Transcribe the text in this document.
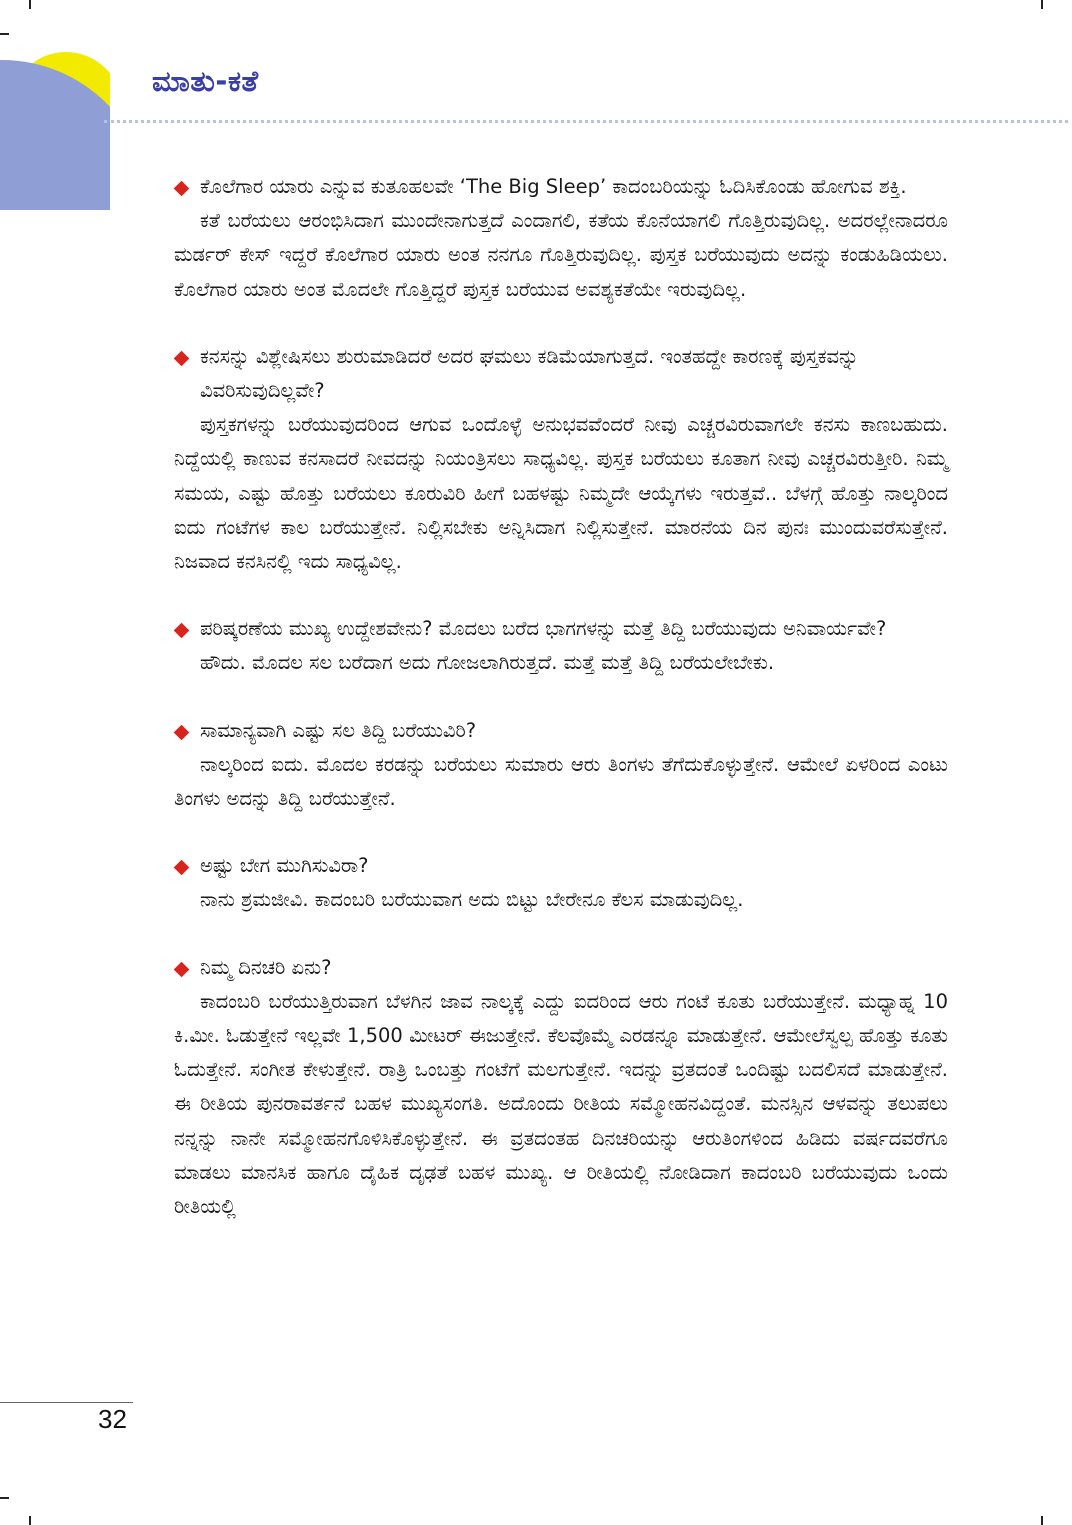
ಮಾತು-ಕತೆ
ಕೊಲೆಗಾರ ಯಾರು ಎನ್ನುವ ಕುತೂಹಲವೇ ‘The Big Sleep’ ಕಾದಂಬರಿಯನ್ನು ಓದಿಸಿಕೊಂಡು ಹೋಗುವ ಶಕ್ತಿ.
ಕತೆ ಬರೆಯಲು ಆರಂಭಿಸಿದಾಗ ಮುಂದೇನಾಗುತ್ತದೆ ಎಂದಾಗಲಿ, ಕತೆಯ ಕೊನೆಯಾಗಲಿ ಗೊತ್ತಿರುವುದಿಲ್ಲ. ಅದರಲ್ಲೇನಾದರೂ ಮರ್ಡರ್ ಕೇಸ್ ಇದ್ದರೆ ಕೊಲೆಗಾರ ಯಾರು ಅಂತ ನನಗೂ ಗೊತ್ತಿರುವುದಿಲ್ಲ. ಪುಸ್ತಕ ಬರೆಯುವುದು ಅದನ್ನು ಕಂಡುಹಿಡಿಯಲು. ಕೊಲೆಗಾರ ಯಾರು ಅಂತ ಮೊದಲೇ ಗೊತ್ತಿದ್ದರೆ ಪುಸ್ತಕ ಬರೆಯುವ ಅವಶ್ಯಕತೆಯೇ ಇರುವುದಿಲ್ಲ.
ಕನಸನ್ನು ವಿಶ್ಲೇಷಿಸಲು ಶುರುಮಾಡಿದರೆ ಅದರ ಘಮಲು ಕಡಿಮೆಯಾಗುತ್ತದೆ. ಇಂತಹದ್ದೇ ಕಾರಣಕ್ಕೆ ಪುಸ್ತಕವನ್ನು ವಿವರಿಸುವುದಿಲ್ಲವೇ?
ಪುಸ್ತಕಗಳನ್ನು ಬರೆಯುವುದರಿಂದ ಆಗುವ ಒಂದೊಳ್ಳೆ ಅನುಭವವೆಂದರೆ ನೀವು ಎಚ್ಚರವಿರುವಾಗಲೇ ಕನಸು ಕಾಣಬಹುದು. ನಿದ್ದೆಯಲ್ಲಿ ಕಾಣುವ ಕನಸಾದರೆ ನೀವದನ್ನು ನಿಯಂತ್ರಿಸಲು ಸಾಧ್ಯವಿಲ್ಲ. ಪುಸ್ತಕ ಬರೆಯಲು ಕೂತಾಗ ನೀವು ಎಚ್ಚರವಿರುತ್ತೀರಿ. ನಿಮ್ಮ ಸಮಯ, ಎಷ್ಟು ಹೊತ್ತು ಬರೆಯಲು ಕೂರುವಿರಿ ಹೀಗೆ ಬಹಳಷ್ಟು ನಿಮ್ಮದೇ ಆಯ್ಕೆಗಳು ಇರುತ್ತವೆ.. ಬೆಳಗ್ಗೆ ಹೊತ್ತು ನಾಲ್ಕರಿಂದ ಐದು ಗಂಟೆಗಳ ಕಾಲ ಬರೆಯುತ್ತೇನೆ. ನಿಲ್ಲಿಸಬೇಕು ಅನ್ನಿಸಿದಾಗ ನಿಲ್ಲಿಸುತ್ತೇನೆ. ಮಾರನೆಯ ದಿನ ಪುನಃ ಮುಂದುವರೆಸುತ್ತೇನೆ. ನಿಜವಾದ ಕನಸಿನಲ್ಲಿ ಇದು ಸಾಧ್ಯವಿಲ್ಲ.
ಪರಿಷ್ಕರಣೆಯ ಮುಖ್ಯ ಉದ್ದೇಶವೇನು? ಮೊದಲು ಬರೆದ ಭಾಗಗಳನ್ನು ಮತ್ತೆ ತಿದ್ದಿ ಬರೆಯುವುದು ಅನಿವಾರ್ಯವೇ?
ಹೌದು. ಮೊದಲ ಸಲ ಬರೆದಾಗ ಅದು ಗೋಜಲಾಗಿರುತ್ತದೆ. ಮತ್ತೆ ಮತ್ತೆ ತಿದ್ದಿ ಬರೆಯಲೇಬೇಕು.
ಸಾಮಾನ್ಯವಾಗಿ ಎಷ್ಟು ಸಲ ತಿದ್ದಿ ಬರೆಯುವಿರಿ?
ನಾಲ್ಕರಿಂದ ಐದು. ಮೊದಲ ಕರಡನ್ನು ಬರೆಯಲು ಸುಮಾರು ಆರು ತಿಂಗಳು ತೆಗೆದುಕೊಳ್ಳುತ್ತೇನೆ. ಆಮೇಲೆ ಏಳರಿಂದ ಎಂಟು ತಿಂಗಳು ಅದನ್ನು ತಿದ್ದಿ ಬರೆಯುತ್ತೇನೆ.
ಅಷ್ಟು ಬೇಗ ಮುಗಿಸುವಿರಾ?
ನಾನು ಶ್ರಮಜೀವಿ. ಕಾದಂಬರಿ ಬರೆಯುವಾಗ ಅದು ಬಿಟ್ಟು ಬೇರೇನೂ ಕೆಲಸ ಮಾಡುವುದಿಲ್ಲ.
ನಿಮ್ಮ ದಿನಚರಿ ಏನು?
ಕಾದಂಬರಿ ಬರೆಯುತ್ತಿರುವಾಗ ಬೆಳಗಿನ ಜಾವ ನಾಲ್ಕಕ್ಕೆ ಎದ್ದು ಐದರಿಂದ ಆರು ಗಂಟೆ ಕೂತು ಬರೆಯುತ್ತೇನೆ. ಮಧ್ಯಾಹ್ನ 10 ಕಿ.ಮೀ. ಓಡುತ್ತೇನೆ ಇಲ್ಲವೇ 1,500 ಮೀಟರ್ ಈಜುತ್ತೇನೆ. ಕೆಲವೊಮ್ಮೆ ಎರಡನ್ನೂ ಮಾಡುತ್ತೇನೆ. ಆಮೇಲೆಸ್ವಲ್ಪ ಹೊತ್ತು ಕೂತು ಓದುತ್ತೇನೆ. ಸಂಗೀತ ಕೇಳುತ್ತೇನೆ. ರಾತ್ರಿ ಒಂಬತ್ತು ಗಂಟೆಗೆ ಮಲಗುತ್ತೇನೆ. ಇದನ್ನು ವ್ರತದಂತೆ ಒಂದಿಷ್ಟು ಬದಲಿಸದೆ ಮಾಡುತ್ತೇನೆ. ಈ ರೀತಿಯ ಪುನರಾವರ್ತನೆ ಬಹಳ ಮುಖ್ಯಸಂಗತಿ. ಅದೊಂದು ರೀತಿಯ ಸಮ್ಮೋಹನವಿದ್ದಂತೆ. ಮನಸ್ಸಿನ ಆಳವನ್ನು ತಲುಪಲು ನನ್ನನ್ನು ನಾನೇ ಸಮ್ಮೋಹನಗೊಳಿಸಿಕೊಳ್ಳುತ್ತೇನೆ. ಈ ವ್ರತದಂತಹ ದಿನಚರಿಯನ್ನು ಆರುತಿಂಗಳಿಂದ ಹಿಡಿದು ವರ್ಷದವರೆಗೂ ಮಾಡಲು ಮಾನಸಿಕ ಹಾಗೂ ದೈಹಿಕ ದೃಢತೆ ಬಹಳ ಮುಖ್ಯ. ಆ ರೀತಿಯಲ್ಲಿ ನೋಡಿದಾಗ ಕಾದಂಬರಿ ಬರೆಯುವುದು ಒಂದು ರೀತಿಯಲ್ಲಿ
32
